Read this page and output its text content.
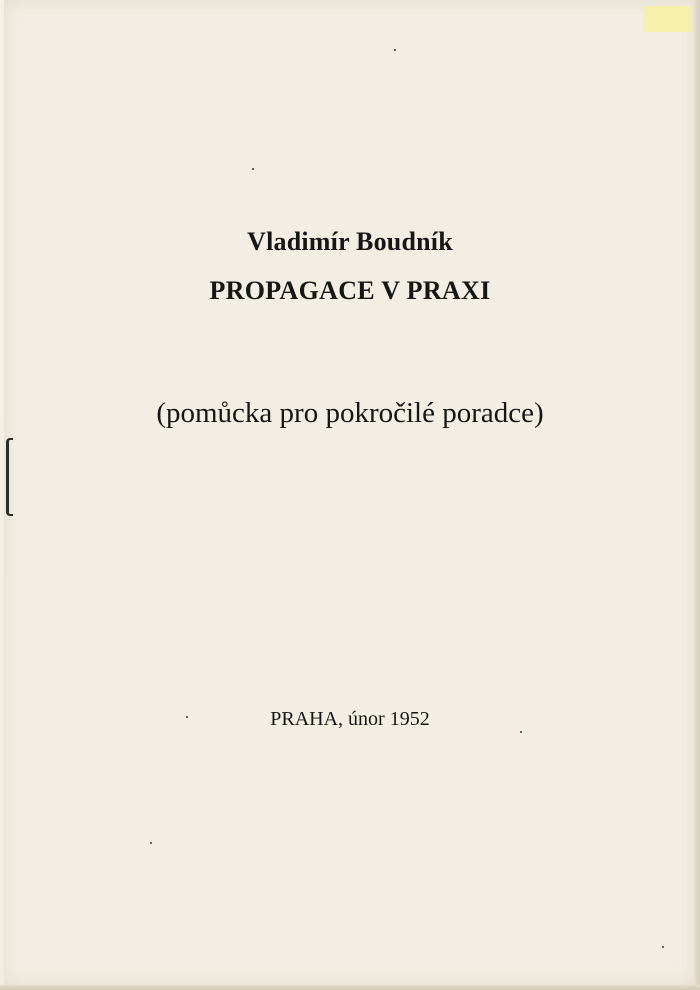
Vladimír Boudník
PROPAGACE V PRAXI
(pomůcka pro pokročilé poradce)
PRAHA, únor 1952
